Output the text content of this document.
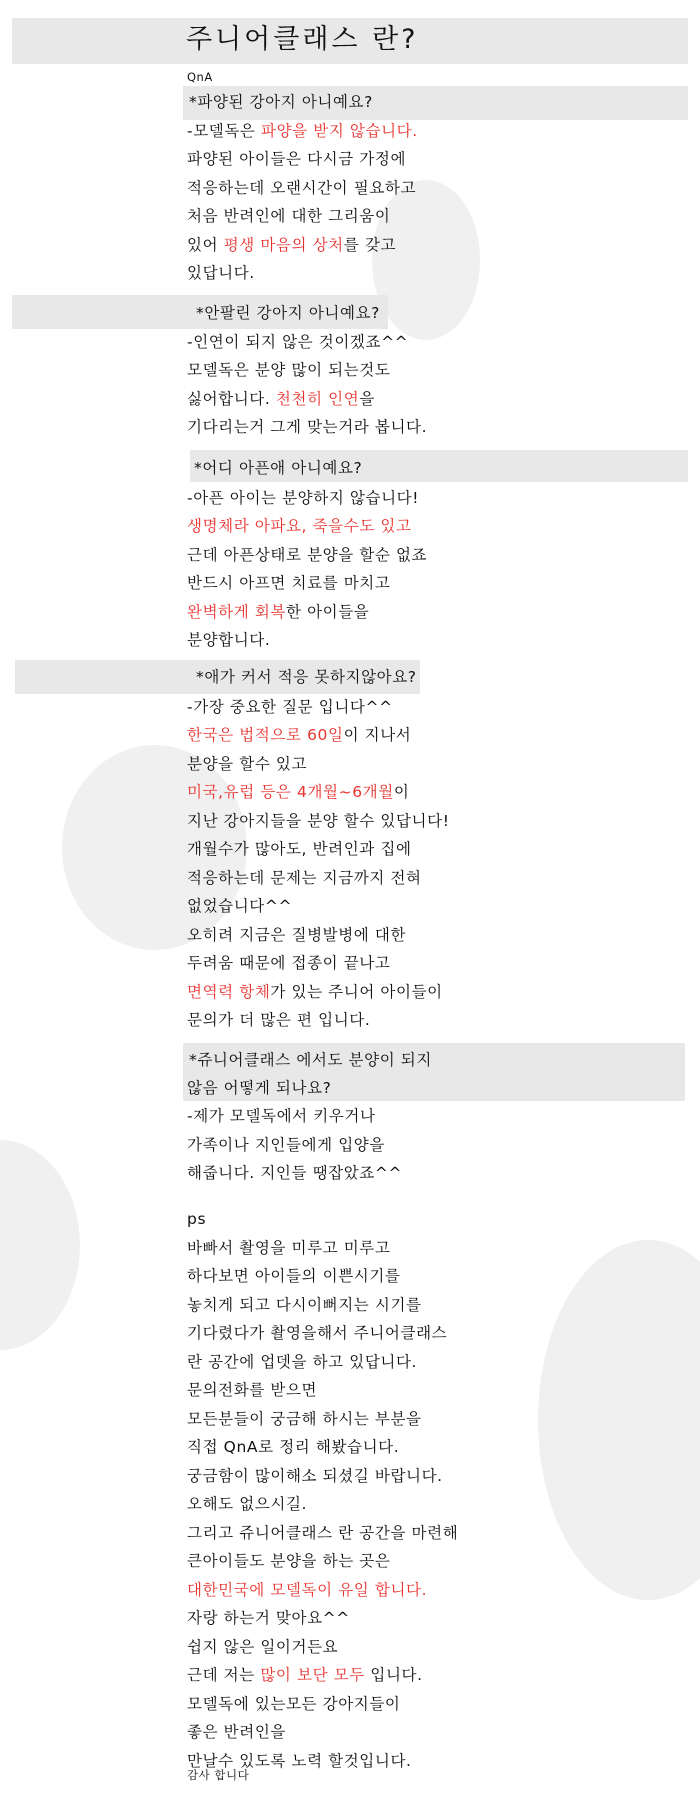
주니어클래스 란?
QnA
*파양된 강아지 아니예요?
-모델독은 파양을 받지 않습니다.
파양된 아이들은 다시금 가정에
적응하는데 오랜시간이 필요하고
처음 반려인에 대한 그리움이
있어 평생 마음의 상처를 갖고
있답니다.
*안팔린 강아지 아니예요?
-인연이 되지 않은 것이겠죠^^
모델독은 분양 많이 되는것도
싫어합니다. 천천히 인연을
기다리는거 그게 맞는거라 봅니다.
*어디 아픈애 아니예요?
-아픈 아이는 분양하지 않습니다!
생명체라 아파요, 죽을수도 있고
근데 아픈상태로 분양을 할순 없죠
반드시 아프면 치료를 마치고
완벽하게 회복한 아이들을
분양합니다.
*애가 커서 적응 못하지않아요?
-가장 중요한 질문 입니다^^
한국은 법적으로 60일이 지나서
분양을 할수 있고
미국,유럽 등은 4개월~6개월이
지난 강아지들을 분양 할수 있답니다!
개월수가 많아도, 반려인과 집에
적응하는데 문제는 지금까지 전혀
없었습니다^^
오히려 지금은 질병발병에 대한
두려움 때문에 접종이 끝나고
면역력 항체가 있는 주니어 아이들이
문의가 더 많은 편 입니다.
*쥬니어클래스 에서도 분양이 되지
않음 어떻게 되나요?
-제가 모델독에서 키우거나
가족이나 지인들에게 입양을
해줍니다. 지인들 땡잡았죠^^
ps
바빠서 촬영을 미루고 미루고
하다보면 아이들의 이쁜시기를
놓치게 되고 다시이뻐지는 시기를
기다렸다가 촬영을해서 주니어클래스
란 공간에 업뎃을 하고 있답니다.
문의전화를 받으면
모든분들이 궁금해 하시는 부분을
직접 QnA로 정리 해봤습니다.
궁금함이 많이해소 되셨길 바랍니다.
오해도 없으시길.
그리고 쥬니어클래스 란 공간을 마련해
큰아이들도 분양을 하는 곳은
대한민국에 모델독이 유일 합니다.
자랑 하는거 맞아요^^
쉽지 않은 일이거든요
근데 저는 많이 보단 모두 입니다.
모델독에 있는모든 강아지들이
좋은 반려인을
만날수 있도록 노력 할것입니다.
감사 합니다
